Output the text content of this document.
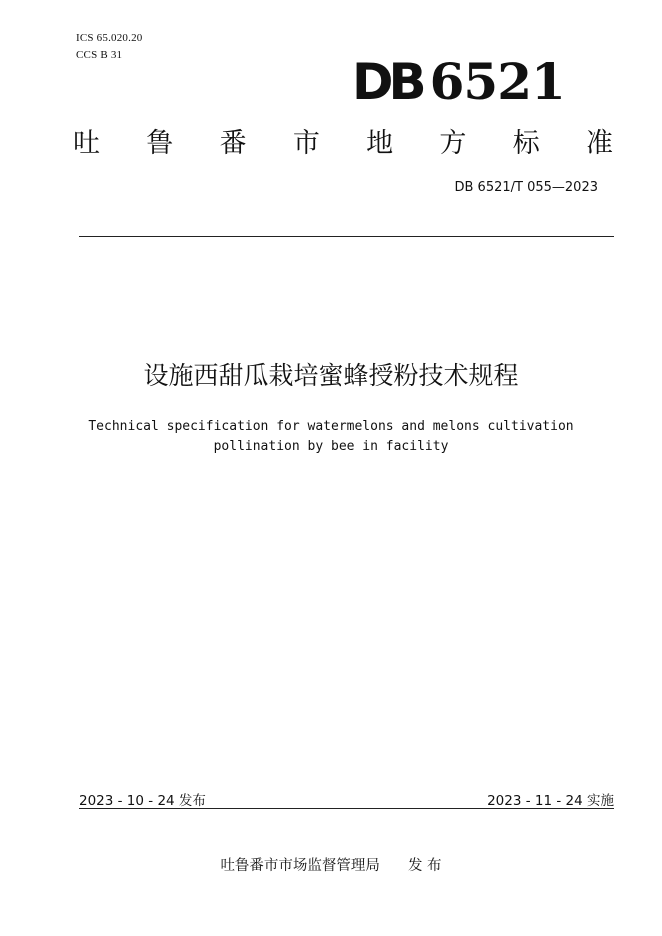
ICS 65.020.20
CCS B 31	DB 6521
吐 鲁 番 市 地 方 标 准
DB 6521/T 055—2023
设施西甜瓜栽培蜜蜂授粉技术规程
Technical specification for watermelons and melons cultivation
pollination by bee in facility
2023 - 10 - 24 发布	2023 - 11 - 24 实施
吐鲁番市市场监督管理局 发 布
